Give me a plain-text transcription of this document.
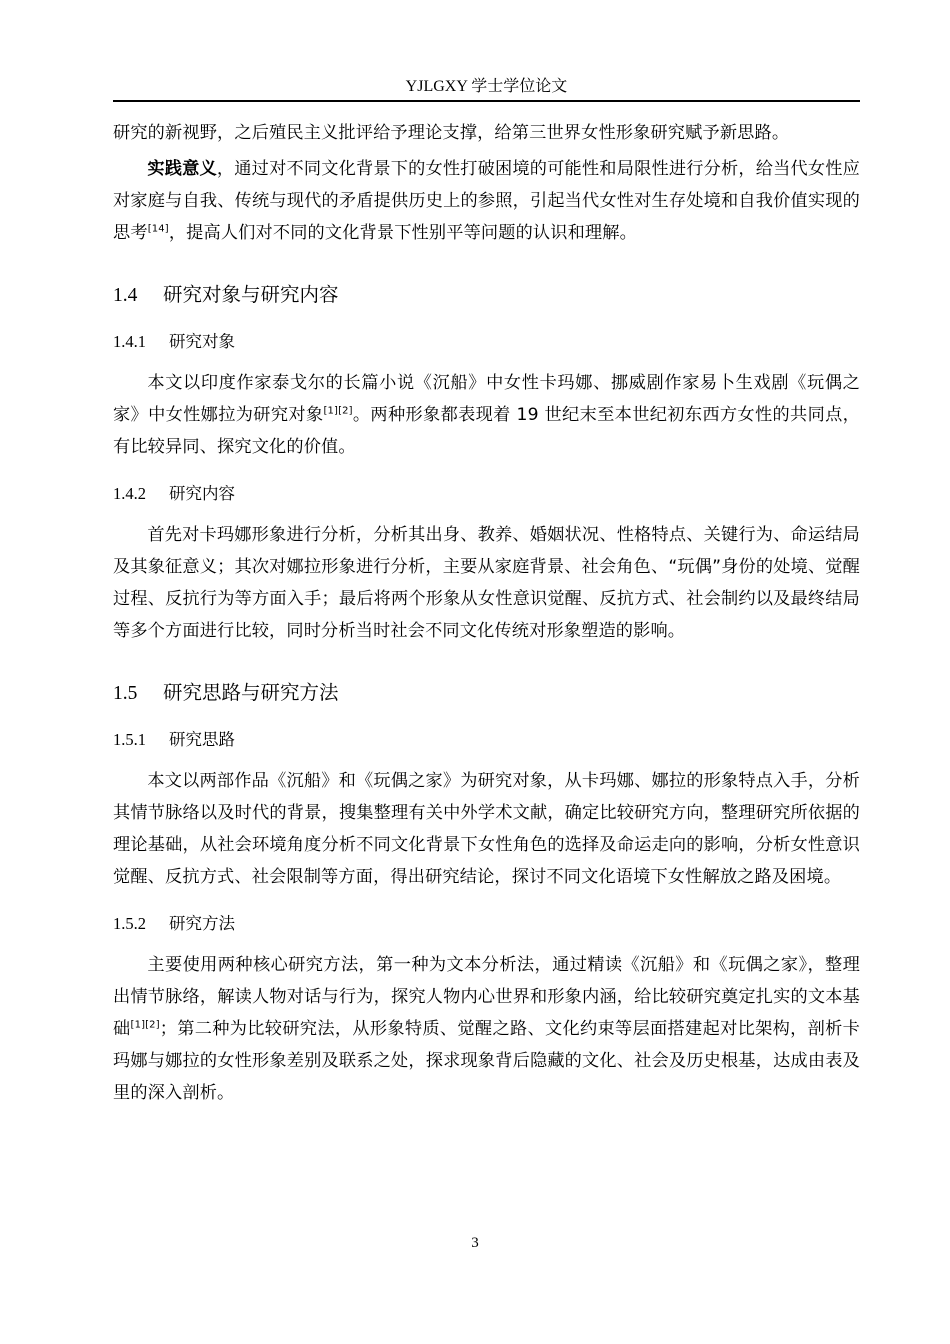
YJLGXY 学士学位论文

研究的新视野，之后殖民主义批评给予理论支撑，给第三世界女性形象研究赋予新思路。

实践意义，通过对不同文化背景下的女性打破困境的可能性和局限性进行分析，给当代女性应对家庭与自我、传统与现代的矛盾提供历史上的参照，引起当代女性对生存处境和自我价值实现的思考[14]，提高人们对不同的文化背景下性别平等问题的认识和理解。

1.4 研究对象与研究内容
1.4.1 研究对象

本文以印度作家泰戈尔的长篇小说《沉船》中女性卡玛娜、挪威剧作家易卜生戏剧《玩偶之家》中女性娜拉为研究对象[1][2]。两种形象都表现着 19 世纪末至本世纪初东西方女性的共同点，有比较异同、探究文化的价值。

1.4.2 研究内容

首先对卡玛娜形象进行分析，分析其出身、教养、婚姻状况、性格特点、关键行为、命运结局及其象征意义；其次对娜拉形象进行分析，主要从家庭背景、社会角色、“玩偶”身份的处境、觉醒过程、反抗行为等方面入手；最后将两个形象从女性意识觉醒、反抗方式、社会制约以及最终结局等多个方面进行比较，同时分析当时社会不同文化传统对形象塑造的影响。

1.5 研究思路与研究方法
1.5.1 研究思路

本文以两部作品《沉船》和《玩偶之家》为研究对象，从卡玛娜、娜拉的形象特点入手，分析其情节脉络以及时代的背景，搜集整理有关中外学术文献，确定比较研究方向，整理研究所依据的理论基础，从社会环境角度分析不同文化背景下女性角色的选择及命运走向的影响，分析女性意识觉醒、反抗方式、社会限制等方面，得出研究结论，探讨不同文化语境下女性解放之路及困境。

1.5.2 研究方法

主要使用两种核心研究方法，第一种为文本分析法，通过精读《沉船》和《玩偶之家》，整理出情节脉络，解读人物对话与行为，探究人物内心世界和形象内涵，给比较研究奠定扎实的文本基础[1][2]；第二种为比较研究法，从形象特质、觉醒之路、文化约束等层面搭建起对比架构，剖析卡玛娜与娜拉的女性形象差别及联系之处，探求现象背后隐藏的文化、社会及历史根基，达成由表及里的深入剖析。

3
